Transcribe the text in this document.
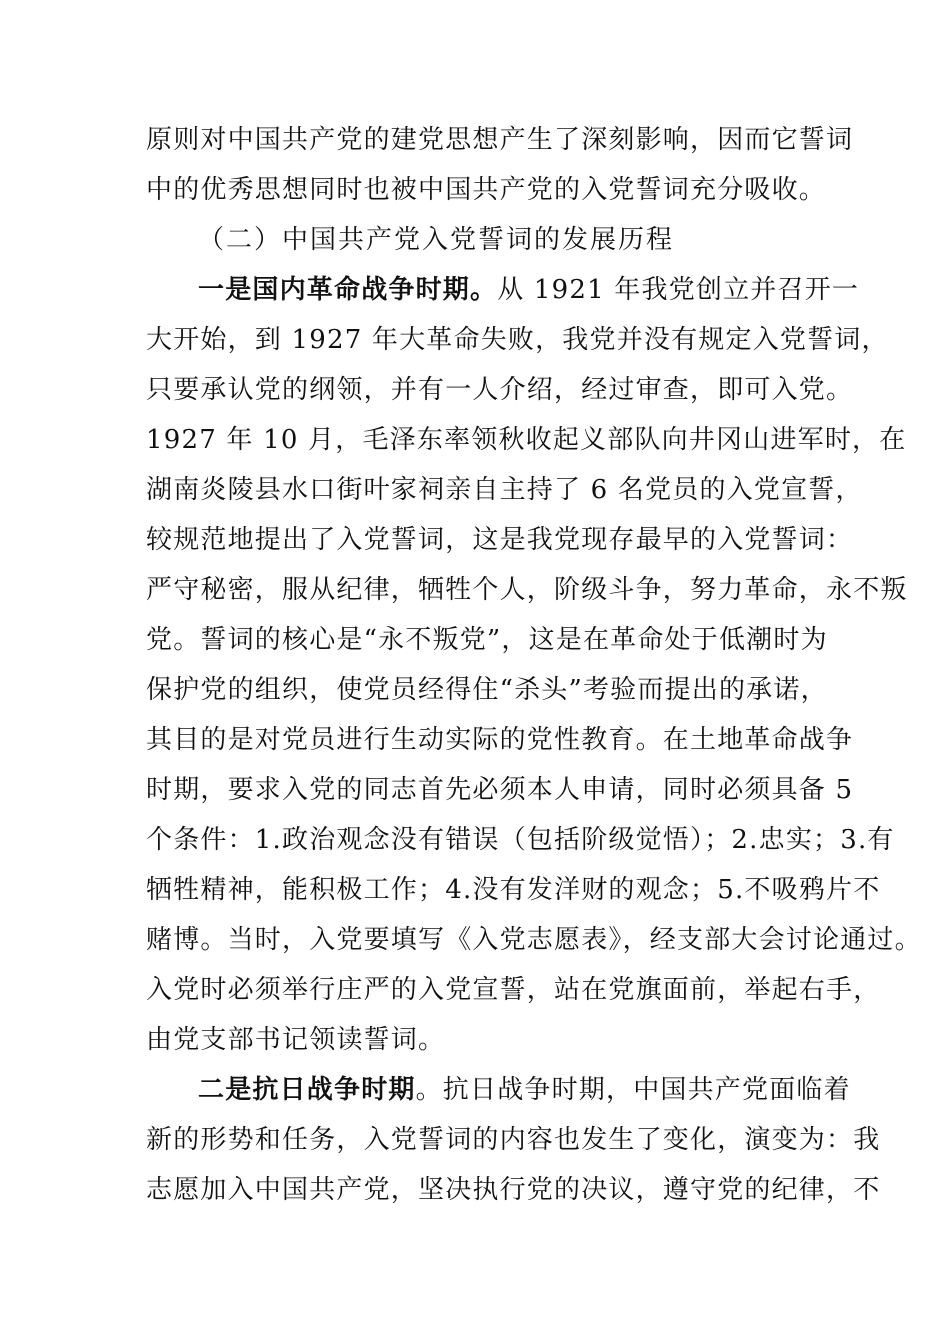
原则对中国共产党的建党思想产生了深刻影响，因而它誓词
中的优秀思想同时也被中国共产党的入党誓词充分吸收。
（二）中国共产党入党誓词的发展历程
一是国内革命战争时期。从 1921 年我党创立并召开一
大开始，到 1927 年大革命失败，我党并没有规定入党誓词，
只要承认党的纲领，并有一人介绍，经过审查，即可入党。
1927 年 10 月，毛泽东率领秋收起义部队向井冈山进军时，在
湖南炎陵县水口街叶家祠亲自主持了 6 名党员的入党宣誓，
较规范地提出了入党誓词，这是我党现存最早的入党誓词：
严守秘密，服从纪律，牺牲个人，阶级斗争，努力革命，永不叛
党。誓词的核心是“永不叛党”，这是在革命处于低潮时为
保护党的组织，使党员经得住“杀头”考验而提出的承诺，
其目的是对党员进行生动实际的党性教育。在土地革命战争
时期，要求入党的同志首先必须本人申请，同时必须具备 5
个条件：1.政治观念没有错误（包括阶级觉悟）；2.忠实；3.有
牺牲精神，能积极工作；4.没有发洋财的观念；5.不吸鸦片不
赌博。当时，入党要填写《入党志愿表》，经支部大会讨论通过。
入党时必须举行庄严的入党宣誓，站在党旗面前，举起右手，
由党支部书记领读誓词。
二是抗日战争时期。抗日战争时期，中国共产党面临着
新的形势和任务，入党誓词的内容也发生了变化，演变为：我
志愿加入中国共产党，坚决执行党的决议，遵守党的纪律，不
